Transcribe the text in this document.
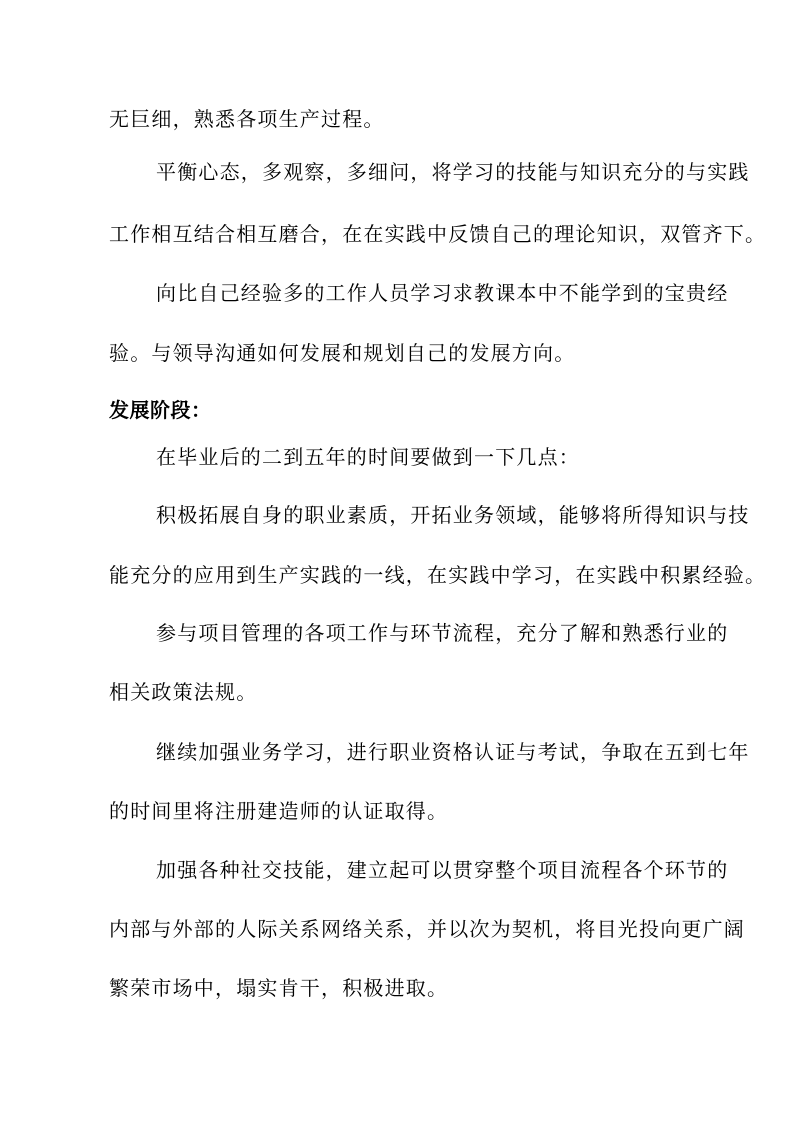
无巨细，熟悉各项生产过程。
平衡心态，多观察，多细问，将学习的技能与知识充分的与实践
工作相互结合相互磨合，在在实践中反馈自己的理论知识，双管齐下。
向比自己经验多的工作人员学习求教课本中不能学到的宝贵经
验。与领导沟通如何发展和规划自己的发展方向。
发展阶段：
在毕业后的二到五年的时间要做到一下几点：
积极拓展自身的职业素质，开拓业务领域，能够将所得知识与技
能充分的应用到生产实践的一线，在实践中学习，在实践中积累经验。
参与项目管理的各项工作与环节流程，充分了解和熟悉行业的
相关政策法规。
继续加强业务学习，进行职业资格认证与考试，争取在五到七年
的时间里将注册建造师的认证取得。
加强各种社交技能，建立起可以贯穿整个项目流程各个环节的
内部与外部的人际关系网络关系，并以次为契机，将目光投向更广阔
繁荣市场中，塌实肯干，积极进取。
